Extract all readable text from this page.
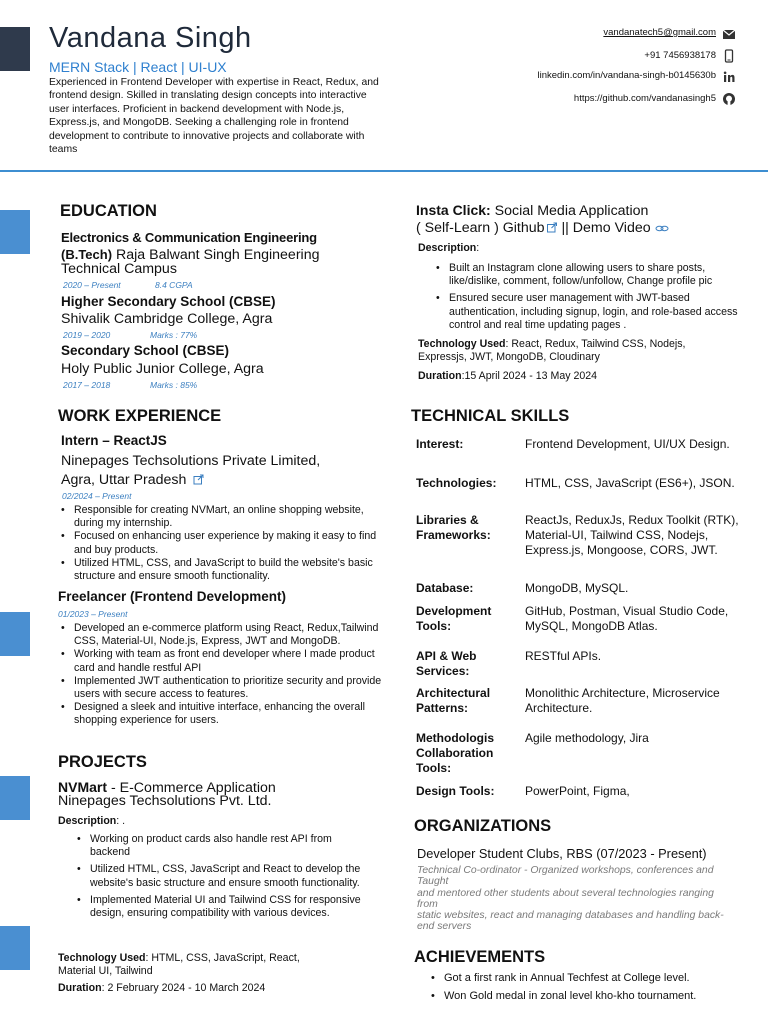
Vandana Singh
MERN Stack | React | UI-UX
Experienced in Frontend Developer with expertise in React, Redux, and frontend design. Skilled in translating design concepts into interactive user interfaces. Proficient in backend development with Node.js, Express.js, and MongoDB. Seeking a challenging role in frontend development to contribute to innovative projects and collaborate with teams
vandanatech5@gmail.com
+91 7456938178
linkedin.com/in/vandana-singh-b0145630b
https://github.com/vandanasingh5
EDUCATION
Electronics & Communication Engineering
(B.Tech) Raja Balwant Singh Engineering
Technical Campus
2020 – Present	8.4 CGPA
Higher Secondary School (CBSE)
Shivalik Cambridge College, Agra
2019 – 2020	Marks : 77%
Secondary School (CBSE)
Holy Public Junior College, Agra
2017 – 2018	Marks : 85%
WORK EXPERIENCE
Intern – ReactJS
Ninepages Techsolutions Private Limited,
Agra, Uttar Pradesh
02/2024 – Present
• Responsible for creating NVMart, an online shopping website, during my internship.
• Focused on enhancing user experience by making it easy to find and buy products.
• Utilized HTML, CSS, and JavaScript to build the website's basic structure and ensure smooth functionality.
Freelancer (Frontend Development)
01/2023 – Present
• Developed an e-commerce platform using React, Redux,Tailwind CSS, Material-UI, Node.js, Express, JWT and MongoDB.
• Working with team as front end developer where I made product card and handle restful API
• Implemented JWT authentication to prioritize security and provide users with secure access to features.
• Designed a sleek and intuitive interface, enhancing the overall shopping experience for users.
PROJECTS
NVMart - E-Commerce Application
Ninepages Techsolutions Pvt. Ltd.
Description: .
• Working on product cards also handle rest API from backend
• Utilized HTML, CSS, JavaScript and React to develop the website's basic structure and ensure smooth functionality.
• Implemented Material UI and Tailwind CSS for responsive design, ensuring compatibility with various devices.
Technology Used: HTML, CSS, JavaScript, React, Material UI, Tailwind
Duration: 2 February 2024 - 10 March 2024
Insta Click: Social Media Application
( Self-Learn ) Github || Demo Video
Description:
• Built an Instagram clone allowing users to share posts, like/dislike, comment, follow/unfollow, Change profile pic
• Ensured secure user management with JWT-based authentication, including signup, login, and role-based access control and real time updating pages .
Technology Used: React, Redux, Tailwind CSS, Nodejs, Expressjs, JWT, MongoDB, Cloudinary
Duration:15 April 2024 - 13 May 2024
TECHNICAL SKILLS
Interest:	Frontend Development, UI/UX Design.
Technologies:	HTML, CSS, JavaScript (ES6+), JSON.
Libraries & Frameworks:
ReactJs, ReduxJs, Redux Toolkit (RTK), Material-UI, Tailwind CSS, Nodejs, Express.js, Mongoose, CORS, JWT.
Database:	MongoDB, MySQL.
Development Tools:
GitHub, Postman, Visual Studio Code, MySQL, MongoDB Atlas.
API & Web Services:
RESTful APIs.
Architectural Patterns:
Monolithic Architecture, Microservice Architecture.
Methodologis Collaboration Tools:
Agile methodology, Jira
Design Tools:	PowerPoint, Figma,
ORGANIZATIONS
Developer Student Clubs, RBS (07/2023 - Present)
Technical Co-ordinator - Organized workshops, conferences and Taught
and mentored other students about several technologies ranging from
static websites, react and managing databases and handling back-end servers
ACHIEVEMENTS
• Got a first rank in Annual Techfest at College level.
• Won Gold medal in zonal level kho-kho tournament.
